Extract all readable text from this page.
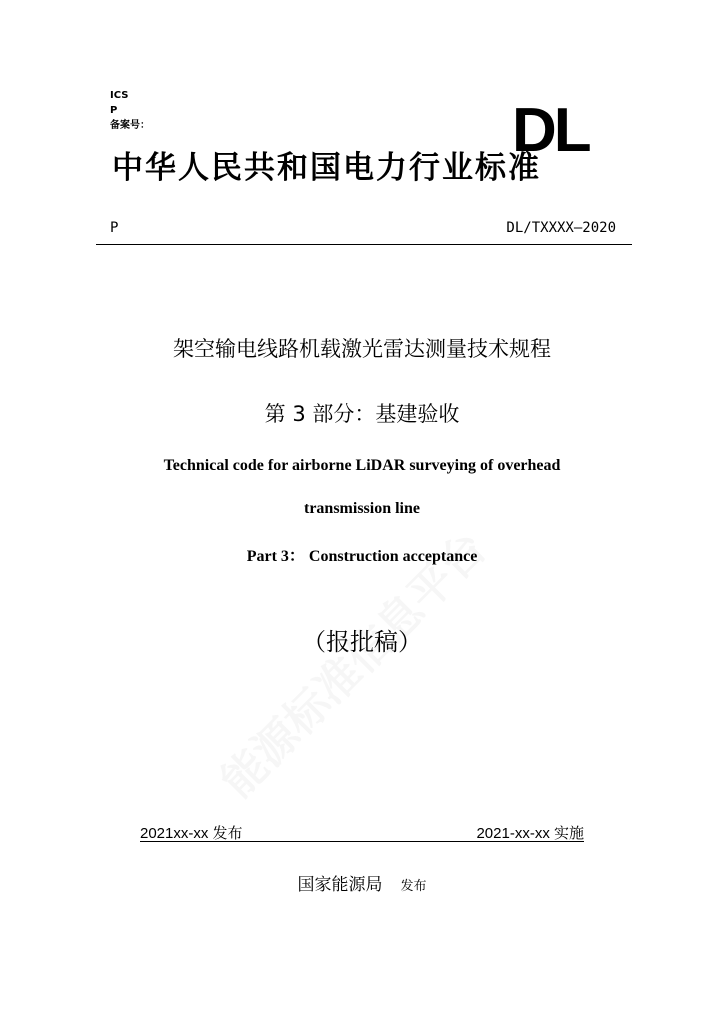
ICS
P
备案号：	DL
中华人民共和国电力行业标准
P	DL/TXXXX—2020
架空输电线路机载激光雷达测量技术规程
第 3 部分：基建验收
Technical code for airborne LiDAR surveying of overhead
transmission line
Part 3： Construction acceptance
（报批稿）
2021xx-xx 发布	2021-xx-xx 实施
国家能源局 发布
